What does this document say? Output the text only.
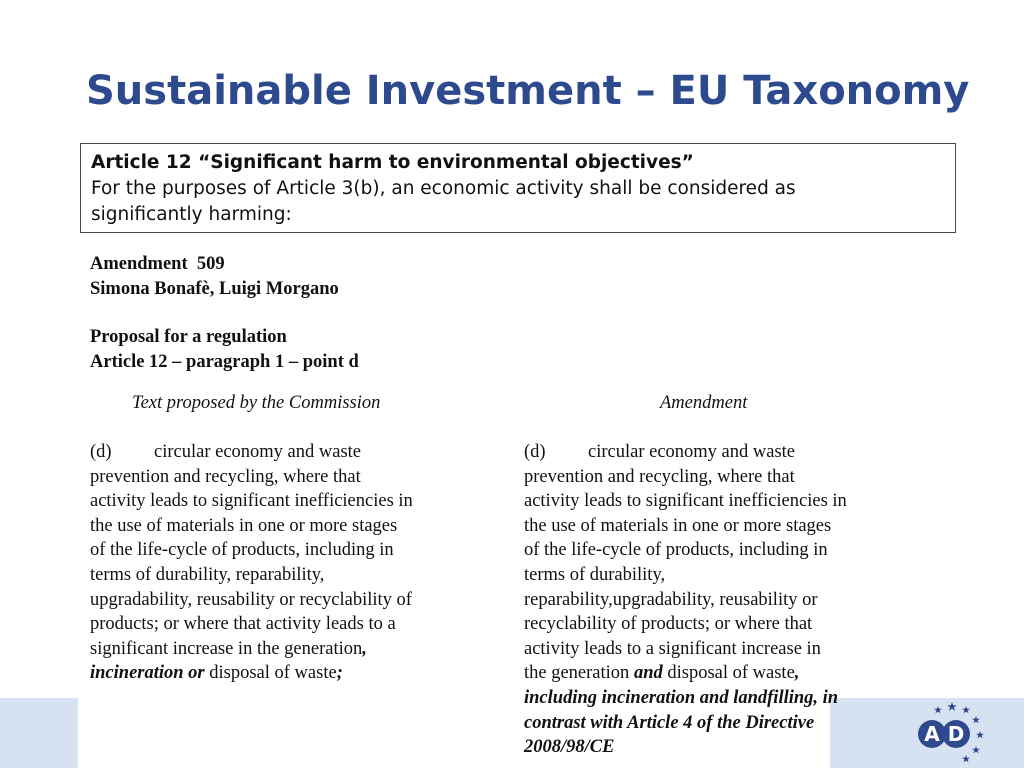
Sustainable Investment – EU Taxonomy
Article 12 “Significant harm to environmental objectives”
For the purposes of Article 3(b), an economic activity shall be considered as
significantly harming:
Amendment  509
Simona Bonafè, Luigi Morgano
Proposal for a regulation
Article 12 – paragraph 1 – point d
Text proposed by the Commission	Amendment
(d) circular economy and waste
prevention and recycling, where that
activity leads to significant inefficiencies in
the use of materials in one or more stages
of the life-cycle of products, including in
terms of durability, reparability,
upgradability, reusability or recyclability of
products; or where that activity leads to a
significant increase in the generation,
incineration or disposal of waste;
(d) circular economy and waste
prevention and recycling, where that
activity leads to significant inefficiencies in
the use of materials in one or more stages
of the life-cycle of products, including in
terms of durability,
reparability,upgradability, reusability or
recyclability of products; or where that
activity leads to a significant increase in
the generation and disposal of waste,
including incineration and landfilling, in
contrast with Article 4 of the Directive
2008/98/CE
A D
